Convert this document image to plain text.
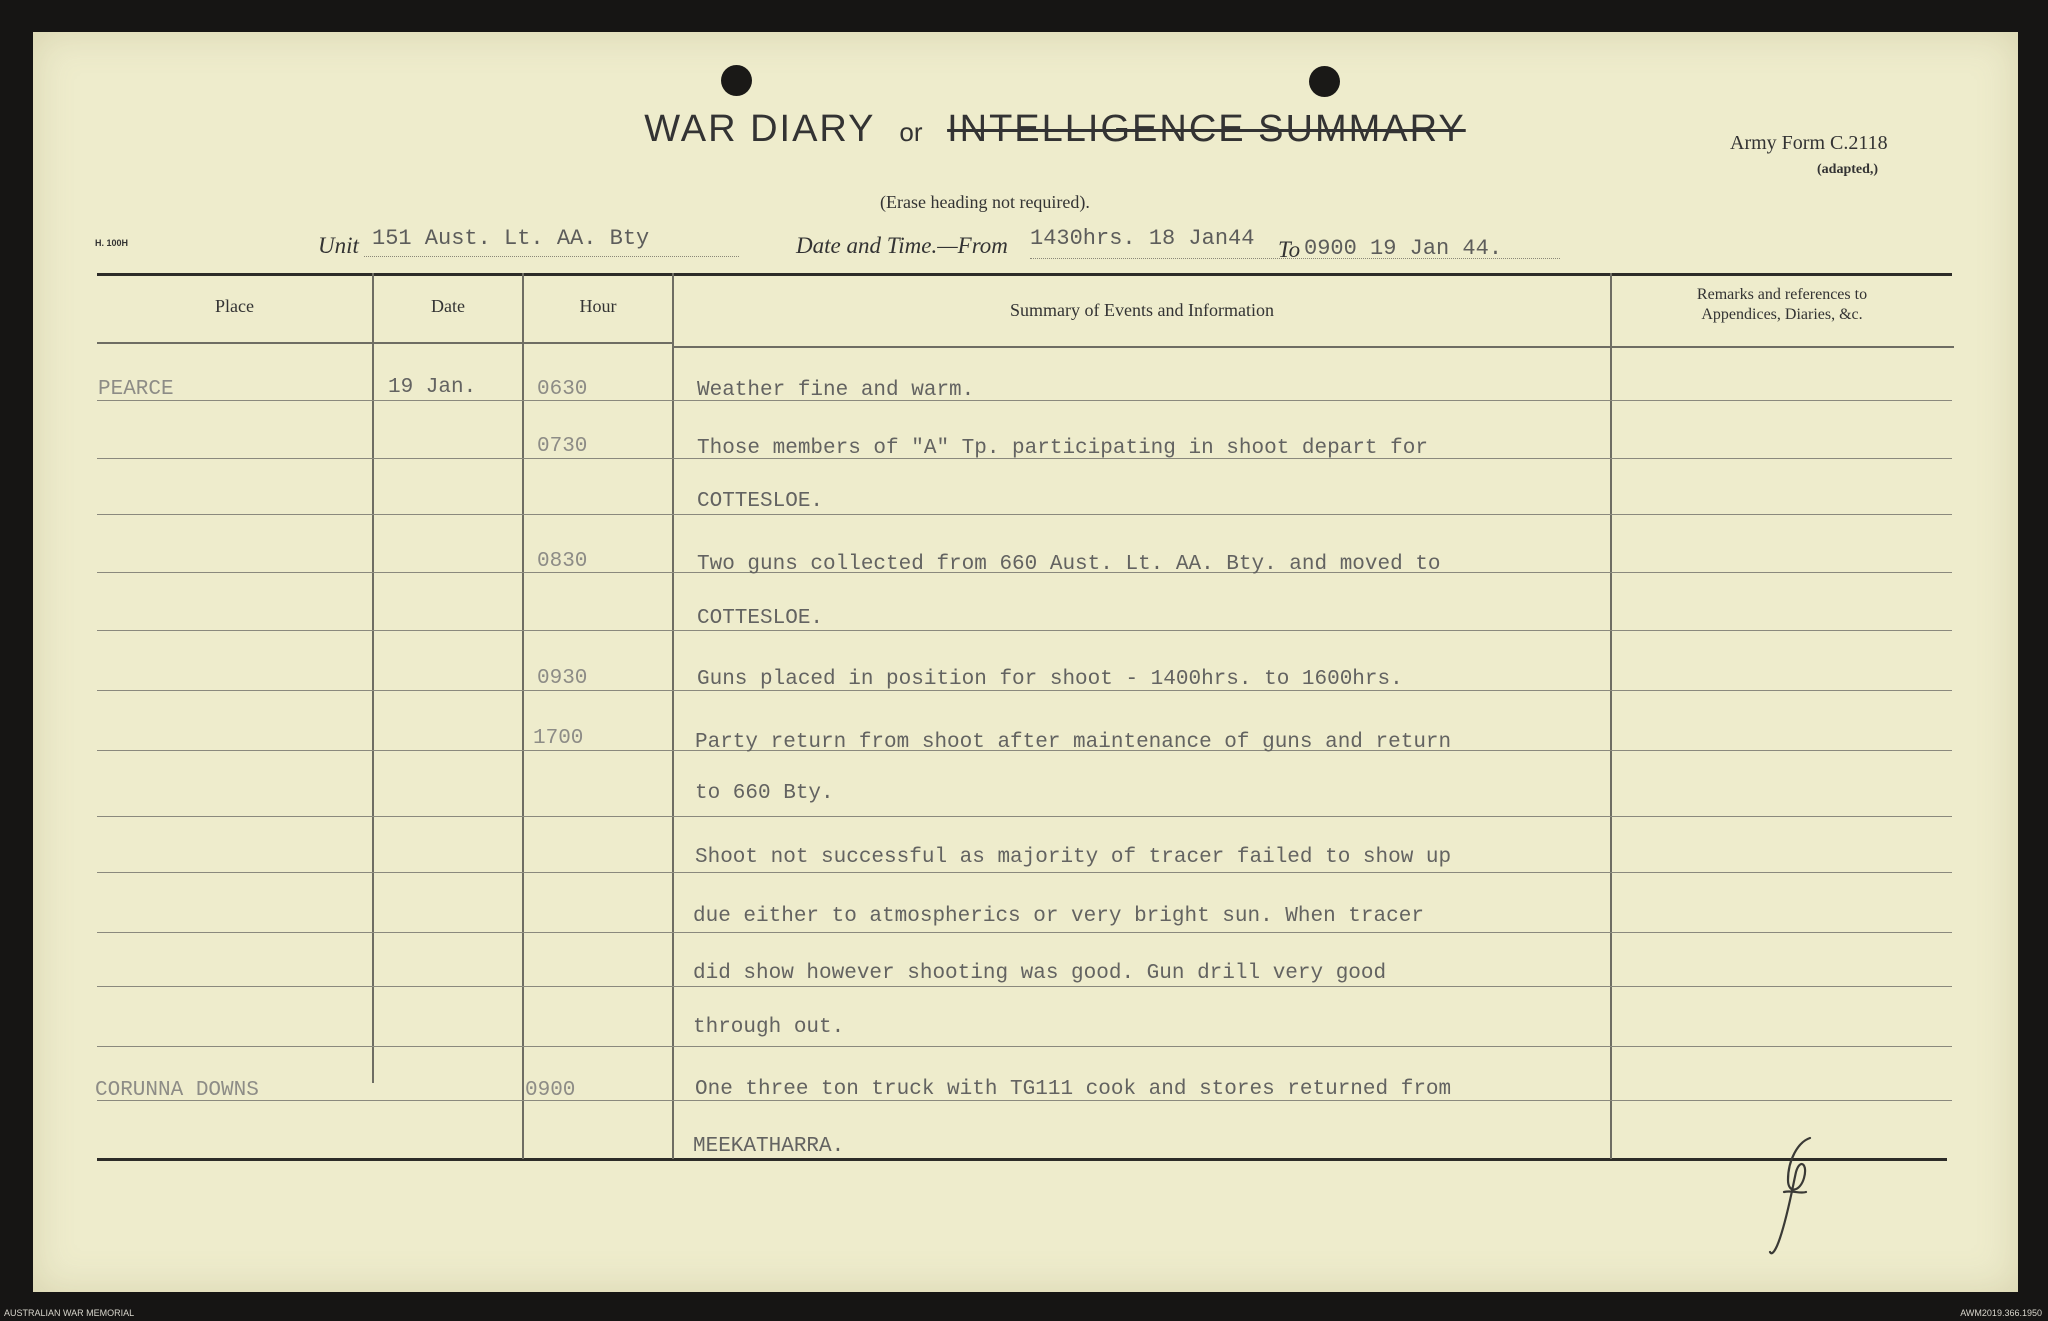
WAR DIARY or INTELLIGENCE SUMMARY
(Erase heading not required).
Army Form C.2118
(adapted,)
H. 100H	Unit 151 Aust. Lt. AA. Bty	Date and Time.—From 1430hrs. 18 Jan44 To 0900 19 Jan 44.
Place	Date	Hour	Summary of Events and Information
Remarks and references to
Appendices, Diaries, &c.
PEARCE	19 Jan.	0630	Weather fine and warm.
0730	Those members of "A" Tp. participating in shoot depart for
COTTESLOE.
0830	Two guns collected from 660 Aust. Lt. AA. Bty. and moved to
COTTESLOE.
0930	Guns placed in position for shoot - 1400hrs. to 1600hrs.
1700	Party return from shoot after maintenance of guns and return
to 660 Bty.
Shoot not successful as majority of tracer failed to show up
due either to atmospherics or very bright sun. When tracer
did show however shooting was good. Gun drill very good
through out.
CORUNNA DOWNS	0900	One three ton truck with TG111 cook and stores returned from
MEEKATHARRA.
AUSTRALIAN WAR MEMORIAL	AWM2019.366.1950
